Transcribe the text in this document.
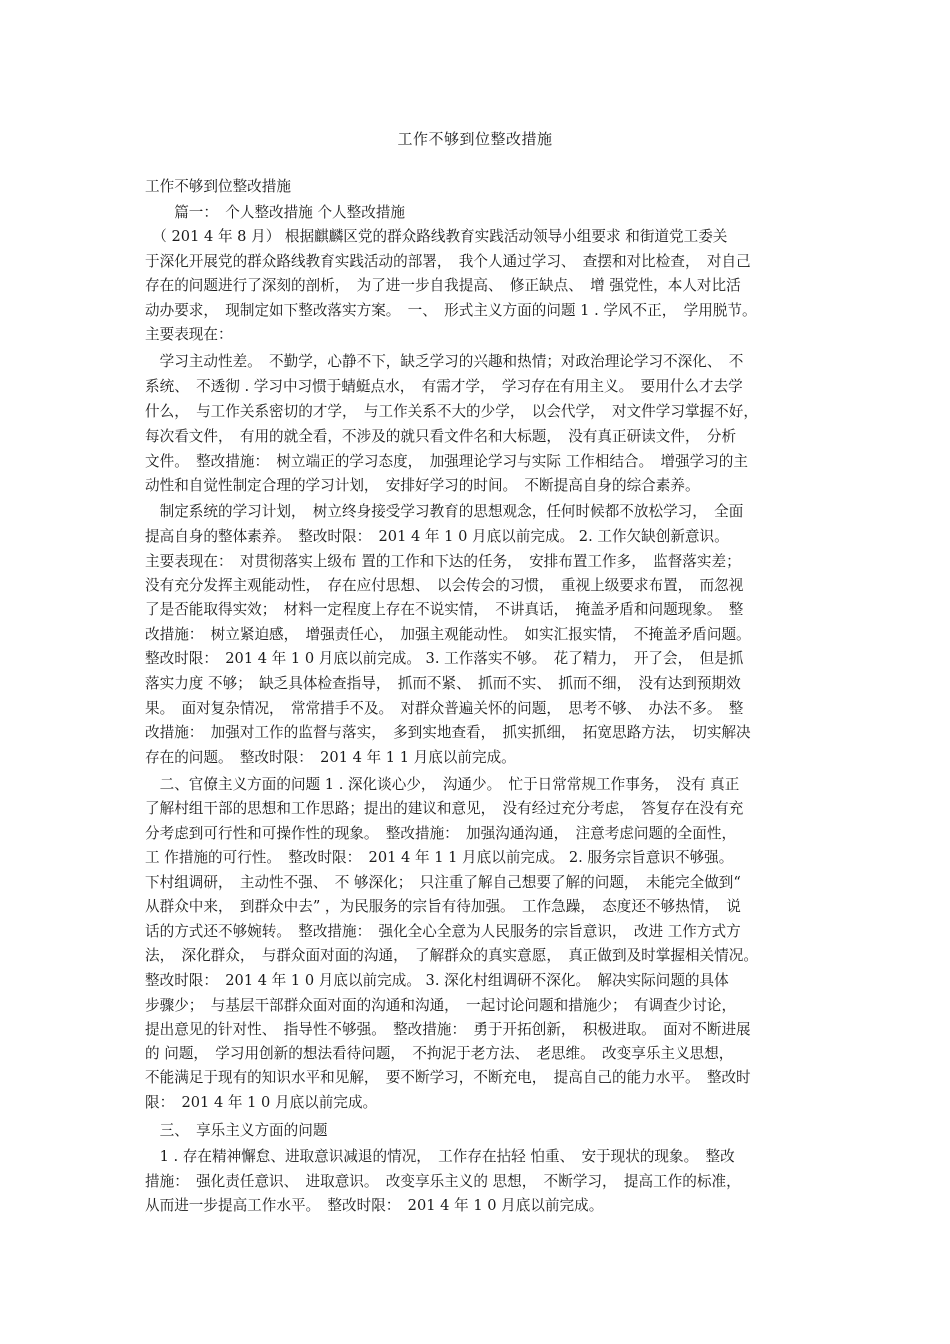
工作不够到位整改措施
工作不够到位整改措施
　　篇一：　个人整改措施 个人整改措施
　（ 201 4 年 8 月） 根据麒麟区党的群众路线教育实践活动领导小组要求 和街道党工委关
于深化开展党的群众路线教育实践活动的部署，　我个人通过学习、　查摆和对比检查，　对自己
存在的问题进行了深刻的剖析，　为了进一步自我提高、　修正缺点、　增 强党性，本人对比活
动办要求，　现制定如下整改落实方案。　一、　形式主义方面的问题 1 . 学风不正，　学用脱节。
主要表现在：
　学习主动性差。　不勤学，心静不下，缺乏学习的兴趣和热情；对政治理论学习不深化、　不
系统、　不透彻 . 学习中习惯于蜻蜓点水，　有需才学，　学习存在有用主义。　要用什么才去学
什么，　与工作关系密切的才学，　与工作关系不大的少学，　以会代学，　对文件学习掌握不好，
每次看文件，　有用的就全看，不涉及的就只看文件名和大标题，　没有真正研读文件，　分析
文件。　整改措施：　树立端正的学习态度，　加强理论学习与实际 工作相结合。　增强学习的主
动性和自觉性制定合理的学习计划，　安排好学习的时间。　不断提高自身的综合素养。
　制定系统的学习计划，　树立终身接受学习教育的思想观念，任何时候都不放松学习，　全面
提高自身的整体素养。　整改时限：　201 4 年 1 0 月底以前完成。 2. 工作欠缺创新意识。
主要表现在：　对贯彻落实上级布 置的工作和下达的任务，　安排布置工作多，　监督落实差；
没有充分发挥主观能动性，　存在应付思想、　以会传会的习惯，　重视上级要求布置，　而忽视
了是否能取得实效；　材料一定程度上存在不说实情，　不讲真话，　掩盖矛盾和问题现象。　整
改措施：　树立紧迫感，　增强责任心，　加强主观能动性。　如实汇报实情，　不掩盖矛盾问题。
整改时限：　201 4 年 1 0 月底以前完成。 3. 工作落实不够。　花了精力，　开了会，　但是抓
落实力度 不够；　缺乏具体检查指导，　抓而不紧、　抓而不实、　抓而不细，　没有达到预期效
果。　面对复杂情况，　常常措手不及。　对群众普遍关怀的问题，　思考不够、　办法不多。　整
改措施：　加强对工作的监督与落实，　多到实地查看，　抓实抓细，　拓宽思路方法，　切实解决
存在的问题。　整改时限：　201 4 年 1 1 月底以前完成。
　二、官僚主义方面的问题 1 . 深化谈心少，　沟通少。　忙于日常常规工作事务，　没有 真正
了解村组干部的思想和工作思路；提出的建议和意见，　没有经过充分考虑，　答复存在没有充
分考虑到可行性和可操作性的现象。　整改措施：　加强沟通沟通，　注意考虑问题的全面性，
工 作措施的可行性。　整改时限：　201 4 年 1 1 月底以前完成。 2. 服务宗旨意识不够强。
下村组调研，　主动性不强、　不 够深化；　只注重了解自己想要了解的问题，　未能完全做到“
从群众中来，　到群众中去” ，为民服务的宗旨有待加强。　工作急躁，　态度还不够热情，　说
话的方式还不够婉转。　整改措施：　强化全心全意为人民服务的宗旨意识，　改进 工作方式方
法，　深化群众，　与群众面对面的沟通，　了解群众的真实意愿，　真正做到及时掌握相关情况。
整改时限：　201 4 年 1 0 月底以前完成。 3. 深化村组调研不深化。　解决实际问题的具体
步骤少；　与基层干部群众面对面的沟通和沟通，　一起讨论问题和措施少；　有调查少讨论，
提出意见的针对性、　指导性不够强。　整改措施：　勇于开拓创新，　积极进取。　面对不断进展
的 问题，　学习用创新的想法看待问题，　不拘泥于老方法、　老思维。　改变享乐主义思想，
不能满足于现有的知识水平和见解，　要不断学习，不断充电，　提高自己的能力水平。　整改时
限：　201 4 年 1 0 月底以前完成。
　三、　享乐主义方面的问题
　1 . 存在精神懈怠、进取意识减退的情况，　工作存在拈轻 怕重、　安于现状的现象。　整改
措施：　强化责任意识、　进取意识。　改变享乐主义的 思想，　不断学习，　提高工作的标准，
从而进一步提高工作水平。　整改时限：　201 4 年 1 0 月底以前完成。
